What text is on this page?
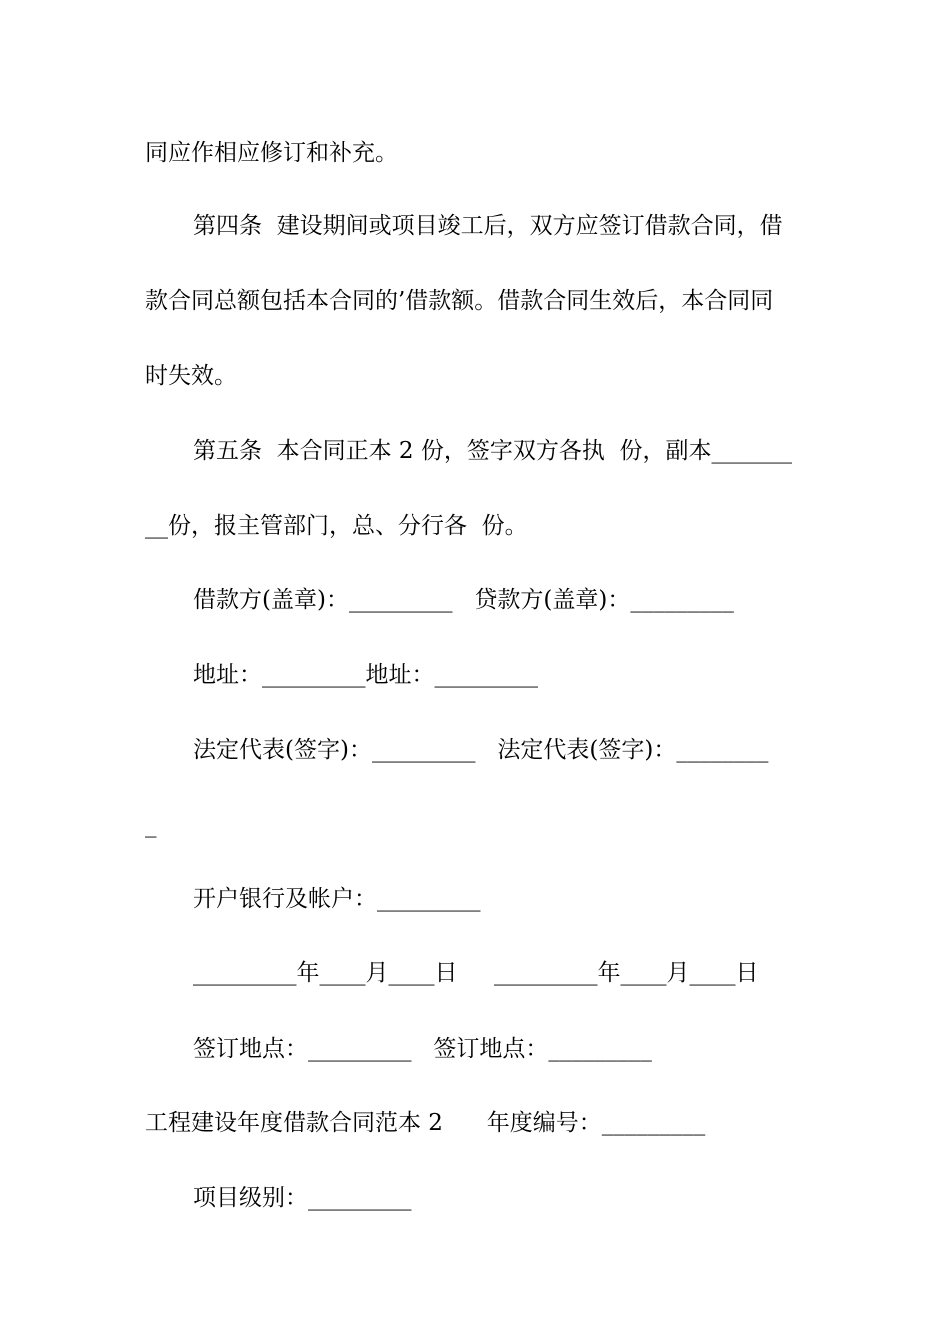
同应作相应修订和补充。
第四条  建设期间或项目竣工后，双方应签订借款合同，借
款合同总额包括本合同的’借款额。借款合同生效后，本合同同
时失效。
第五条  本合同正本 2 份，签字双方各执  份，副本_______
__份，报主管部门，总、分行各  份。
借款方(盖章)：_________   贷款方(盖章)：_________
地址：_________地址：_________
法定代表(签字)：_________   法定代表(签字)：________
_
开户银行及帐户：_________
_________年____月____日     _________年____月____日
签订地点：_________   签订地点：_________
工程建设年度借款合同范本 2      年度编号：_________
项目级别：_________
